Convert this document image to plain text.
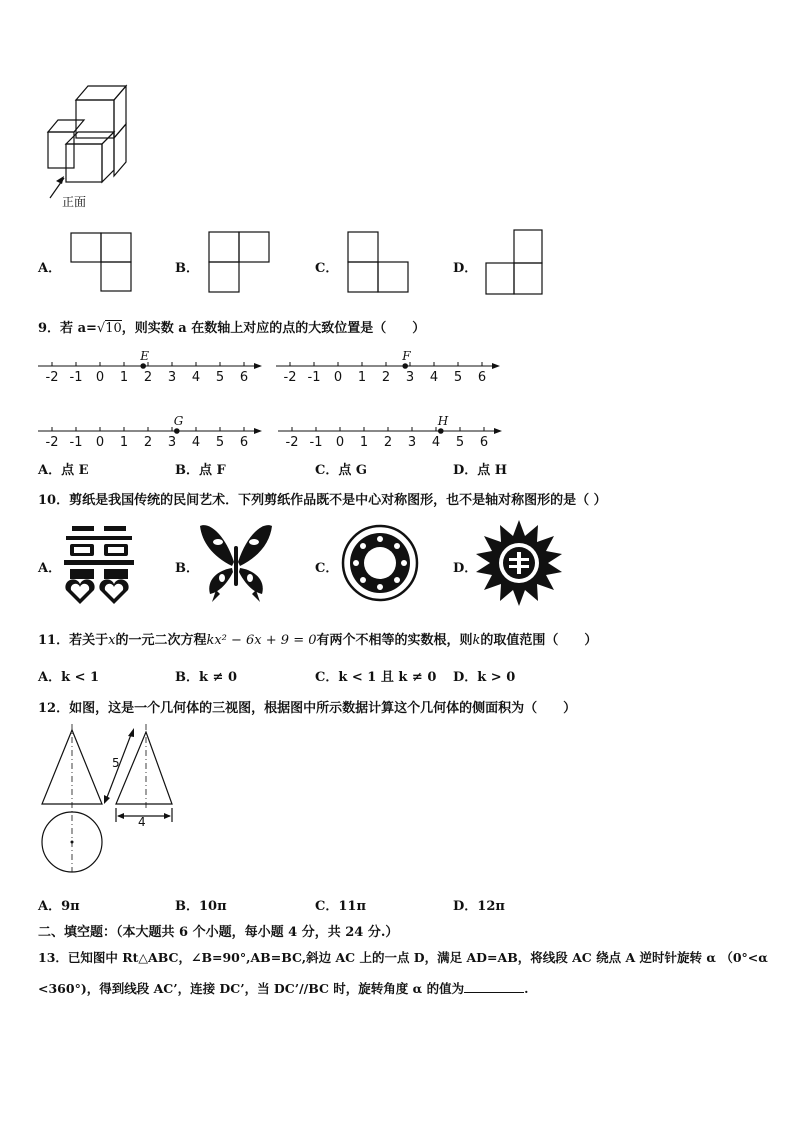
正面
A．	B．	C．	D．
9．若 a=√10，则实数 a 在数轴上对应的点的大致位置是（　　）
-2 -1 0 1 2 3 4 5 6
E
-2 -1 0 1 2 3 4 5 6
F
-2 -1 0 1 2 3 4 5 6
G
-2 -1 0 1 2 3 4 5 6
H
A．点 E	B．点 F	C．点 G	D．点 H
10．剪纸是我国传统的民间艺术．下列剪纸作品既不是中心对称图形，也不是轴对称图形的是（ ）
A．	B．	C．	D．
11．若关于x的一元二次方程kx² − 6x + 9 = 0有两个不相等的实数根，则k的取值范围（　　）
A．k < 1	B．k ≠ 0	C．k < 1 且 k ≠ 0 D．k > 0
12．如图，这是一个几何体的三视图，根据图中所示数据计算这个几何体的侧面积为（　　）
5
4
A．9π	B．10π	C．11π	D．12π
二、填空题：（本大题共 6 个小题，每小题 4 分，共 24 分.）
13．已知图中 Rt△ABC，∠B=90°,AB=BC,斜边 AC 上的一点 D，满足 AD=AB，将线段 AC 绕点 A 逆时针旋转 α （0°<α
<360°)，得到线段 AC’，连接 DC’，当 DC’//BC 时，旋转角度 α 的值为	.
